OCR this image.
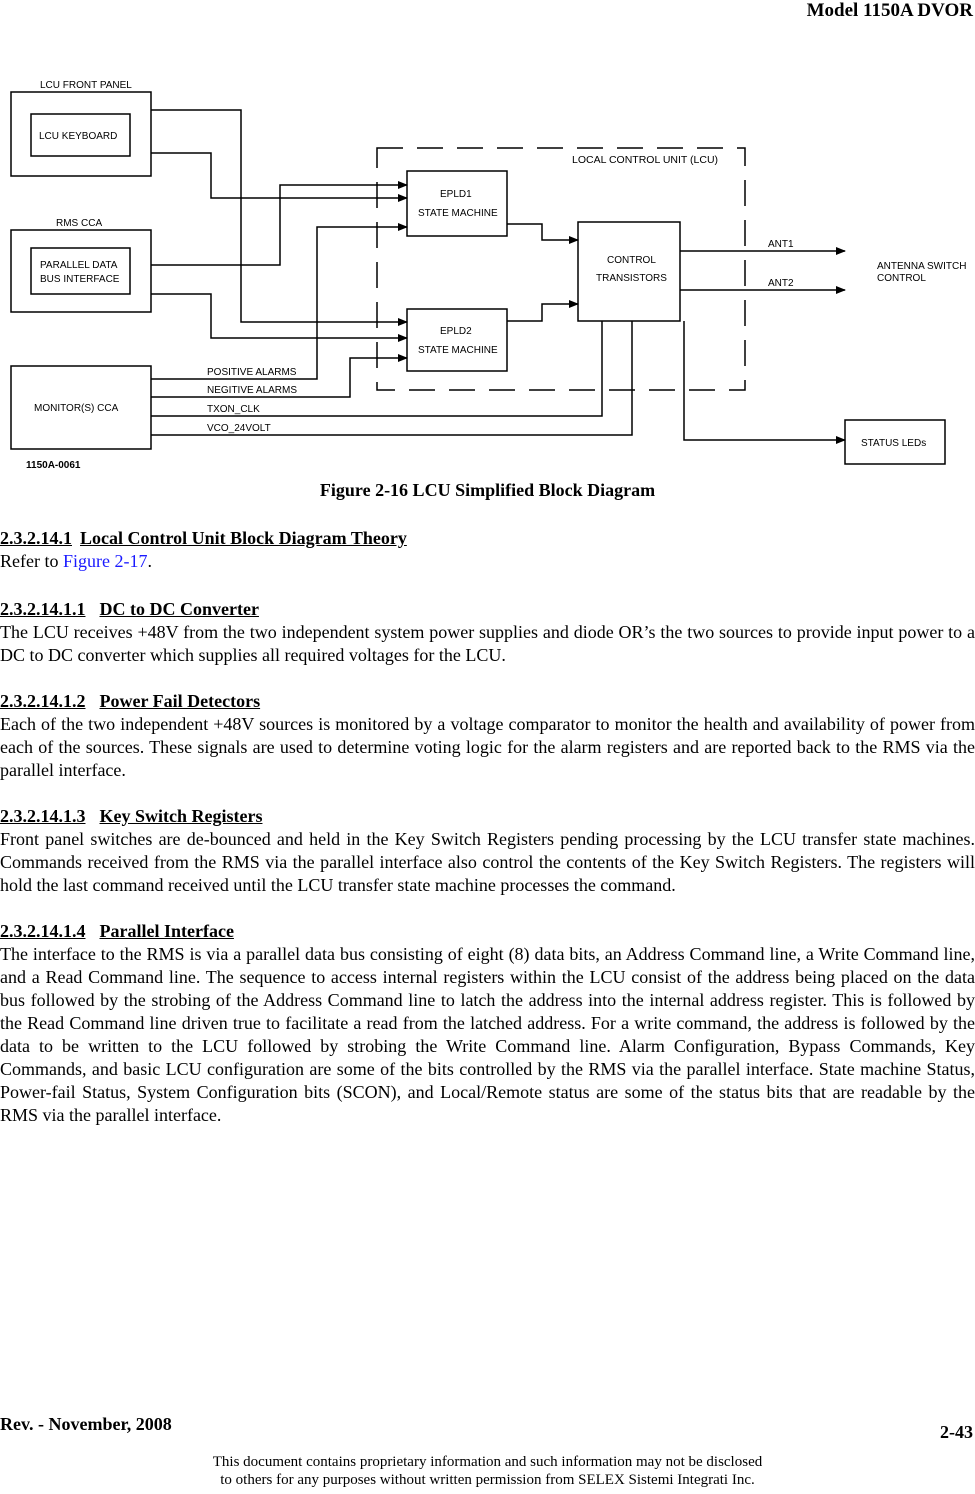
Model 1150A DVOR
LOCAL CONTROL UNIT (LCU)
LCU FRONT PANEL
LCU KEYBOARD
RMS CCA
PARALLEL DATA
BUS INTERFACE
MONITOR(S) CCA
1150A-0061
EPLD1
STATE MACHINE
EPLD2
STATE MACHINE
CONTROL
TRANSISTORS
STATUS LEDs
ANT1
ANT2
ANTENNA SWITCH
CONTROL
POSITIVE ALARMS
NEGITIVE ALARMS
TXON_CLK
VCO_24VOLT
Figure 2-16 LCU Simplified Block Diagram
2.3.2.14.1 Local Control Unit Block Diagram Theory

Refer to Figure 2-17.

2.3.2.14.1.1 DC to DC Converter

The LCU receives +48V from the two independent system power supplies and diode OR’s the two sources to provide input power to a DC to DC converter which supplies all required voltages for the LCU.

2.3.2.14.1.2 Power Fail Detectors

Each of the two independent +48V sources is monitored by a voltage comparator to monitor the health and availability of power from each of the sources. These signals are used to determine voting logic for the alarm registers and are reported back to the RMS via the parallel interface.

2.3.2.14.1.3 Key Switch Registers

Front panel switches are de-bounced and held in the Key Switch Registers pending processing by the LCU transfer state machines. Commands received from the RMS via the parallel interface also control the contents of the Key Switch Registers. The registers will hold the last command received until the LCU transfer state machine processes the command.

2.3.2.14.1.4 Parallel Interface

The interface to the RMS is via a parallel data bus consisting of eight (8) data bits, an Address Command line, a Write Command line, and a Read Command line. The sequence to access internal registers within the LCU consist of the address being placed on the data bus followed by the strobing of the Address Command line to latch the address into the internal address register. This is followed by the Read Command line driven true to facilitate a read from the latched address. For a write command, the address is followed by the data to be written to the LCU followed by strobing the Write Command line. Alarm Configuration, Bypass Commands, Key Commands, and basic LCU configuration are some of the bits controlled by the RMS via the parallel interface. State machine Status, Power-fail Status, System Configuration bits (SCON), and Local/Remote status are some of the status bits that are readable by the RMS via the parallel interface.

Rev. - November, 2008	2-43
This document contains proprietary information and such information may not be disclosed
to others for any purposes without written permission from SELEX Sistemi Integrati Inc.
